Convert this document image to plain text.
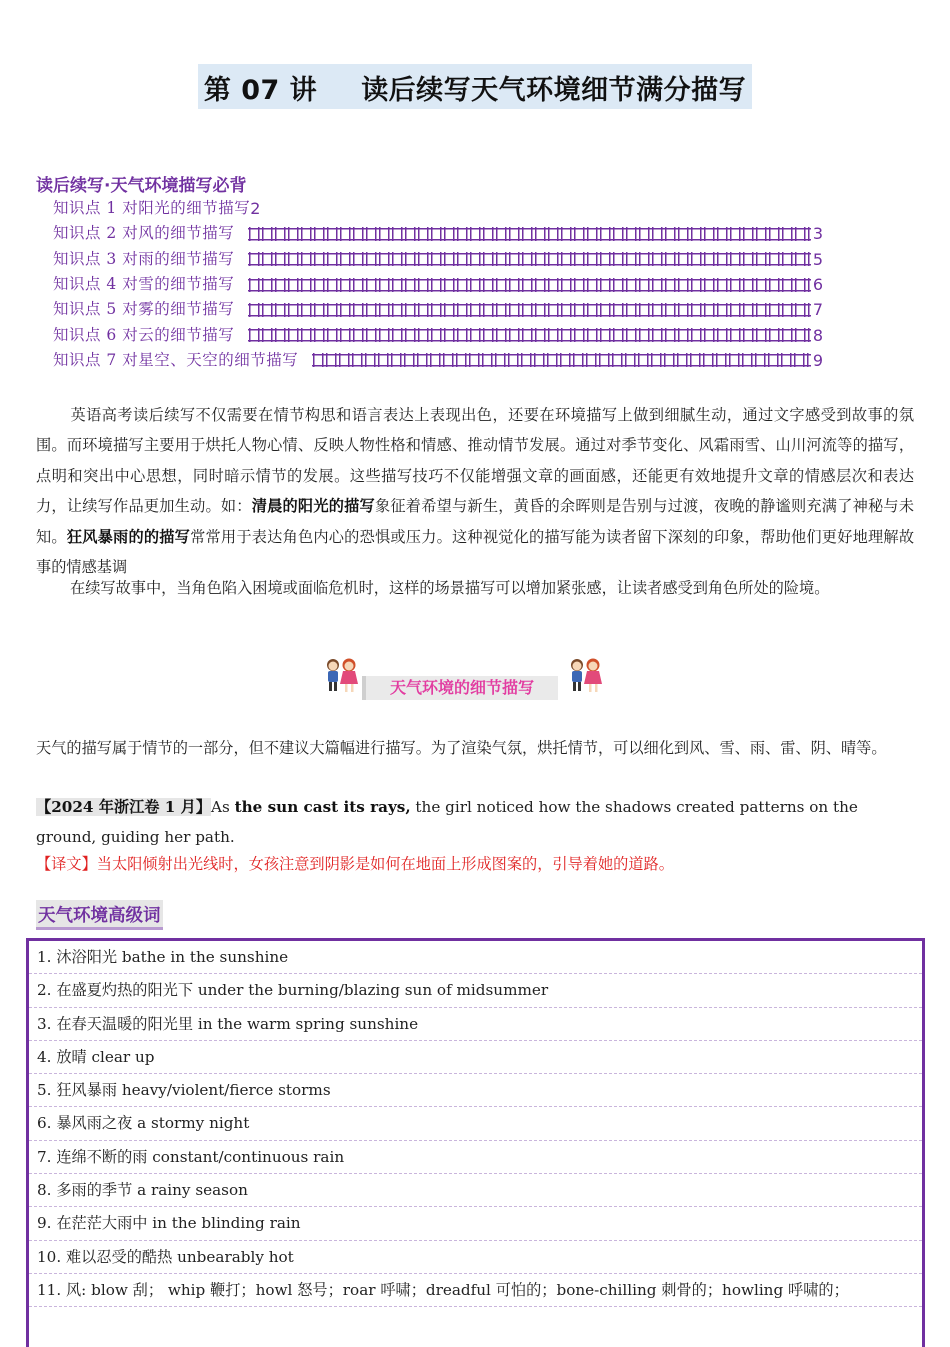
第 07 讲 读后续写天气环境细节满分描写
读后续写·天气环境描写必背
知识点 1 对阳光的细节描写 2
知识点 2 对风的细节描写	3
知识点 3 对雨的细节描写	5
知识点 4 对雪的细节描写	6
知识点 5 对雾的细节描写	7
知识点 6 对云的细节描写	8
知识点 7 对星空、天空的细节描写	9
英语高考读后续写不仅需要在情节构思和语言表达上表现出色，还要在环境描写上做到细腻生动，通过文字感受到故事的氛围。而环境描写主要用于烘托人物心情、反映人物性格和情感、推动情节发展。通过对季节变化、风霜雨雪、山川河流等的描写，点明和突出中心思想，同时暗示情节的发展。这些描写技巧不仅能增强文章的画面感，还能更有效地提升文章的情感层次和表达力，让续写作品更加生动。如：清晨的阳光的描写象征着希望与新生，黄昏的余晖则是告别与过渡，夜晚的静谧则充满了神秘与未知。狂风暴雨的的描写常常用于表达角色内心的恐惧或压力。这种视觉化的描写能为读者留下深刻的印象，帮助他们更好地理解故事的情感基调
在续写故事中，当角色陷入困境或面临危机时，这样的场景描写可以增加紧张感，让读者感受到角色所处的险境。
天气环境的细节描写
天气的描写属于情节的一部分，但不建议大篇幅进行描写。为了渲染气氛，烘托情节，可以细化到风、雪、雨、雷、阴、晴等。
【2024 年浙江卷 1 月】As the sun cast its rays, the girl noticed how the shadows created patterns on the ground, guiding her path.
【译文】当太阳倾射出光线时，女孩注意到阴影是如何在地面上形成图案的，引导着她的道路。
天气环境高级词
1. 沐浴阳光 bathe in the sunshine
2. 在盛夏灼热的阳光下 under the burning/blazing sun of midsummer
3. 在春天温暖的阳光里 in the warm spring sunshine
4. 放晴 clear up
5. 狂风暴雨 heavy/violent/fierce storms
6. 暴风雨之夜 a stormy night
7. 连绵不断的雨 constant/continuous rain
8. 多雨的季节 a rainy season
9. 在茫茫大雨中 in the blinding rain
10. 难以忍受的酷热 unbearably hot
11. 风: blow 刮； whip 鞭打；howl 怒号；roar 呼啸；dreadful 可怕的；bone-chilling 刺骨的；howling 呼啸的；
